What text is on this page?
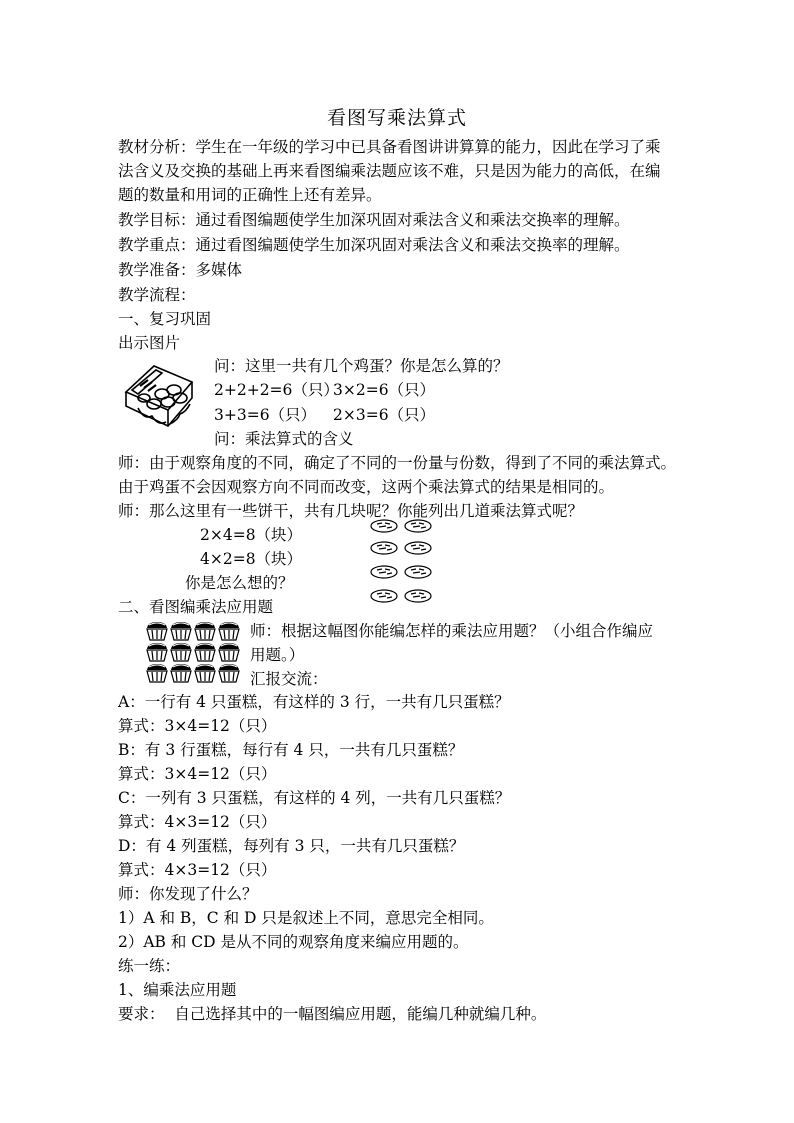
看图写乘法算式
教材分析：学生在一年级的学习中已具备看图讲讲算算的能力，因此在学习了乘
法含义及交换的基础上再来看图编乘法题应该不难，只是因为能力的高低，在编
题的数量和用词的正确性上还有差异。
教学目标：通过看图编题使学生加深巩固对乘法含义和乘法交换率的理解。
教学重点：通过看图编题使学生加深巩固对乘法含义和乘法交换率的理解。
教学准备：多媒体
教学流程：
一、复习巩固
出示图片
问：这里一共有几个鸡蛋？你是怎么算的？
2+2+2=6（只）
3×2=6（只）
3+3=6（只） 2×3=6（只）
问：乘法算式的含义
师：由于观察角度的不同，确定了不同的一份量与份数，得到了不同的乘法算式。
由于鸡蛋不会因观察方向不同而改变，这两个乘法算式的结果是相同的。
师：那么这里有一些饼干，共有几块呢？你能列出几道乘法算式呢？
2×4=8（块）
4×2=8（块）
你是怎么想的？
二、看图编乘法应用题
师：根据这幅图你能编怎样的乘法应用题？（小组合作编应
用题。）
汇报交流：
A：一行有 4 只蛋糕，有这样的 3 行，一共有几只蛋糕？
算式：3×4=12（只）
B：有 3 行蛋糕，每行有 4 只，一共有几只蛋糕？
算式：3×4=12（只）
C：一列有 3 只蛋糕，有这样的 4 列，一共有几只蛋糕？
算式：4×3=12（只）
D：有 4 列蛋糕，每列有 3 只，一共有几只蛋糕？
算式：4×3=12（只）
师：你发现了什么？
1）A 和 B，C 和 D 只是叙述上不同，意思完全相同。
2）AB 和 CD 是从不同的观察角度来编应用题的。
练一练：
1、编乘法应用题
要求：  自己选择其中的一幅图编应用题，能编几种就编几种。
